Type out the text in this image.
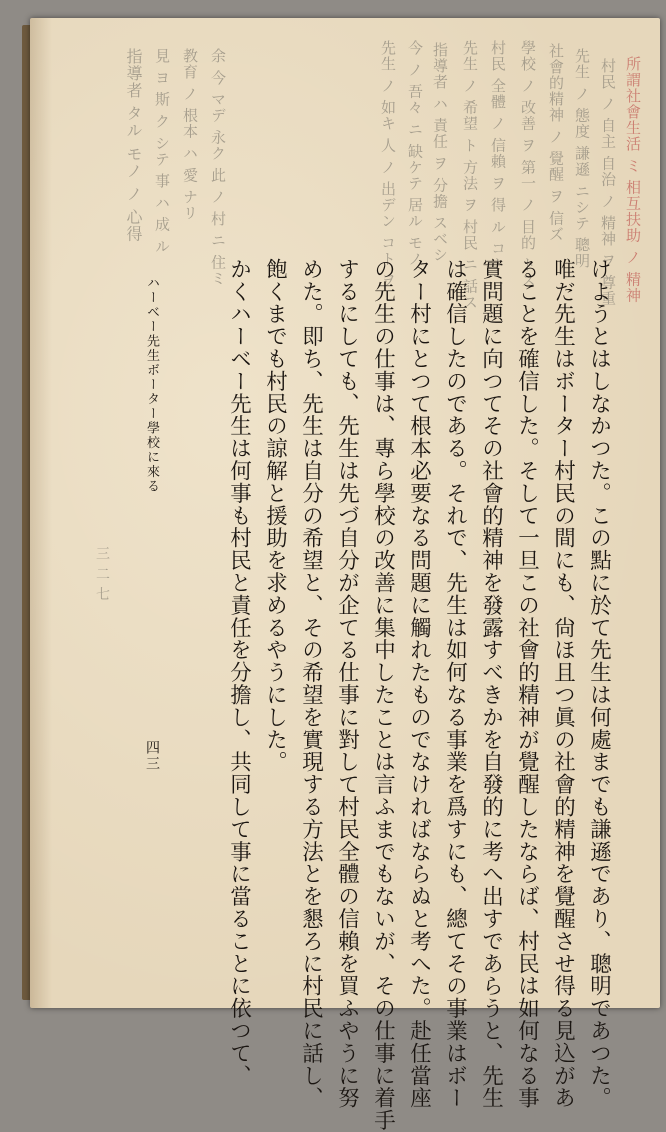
所謂社會生活 ミ 相互扶助 ノ 精神
村民 ノ 自主 自治 ノ 精神 ヲ 尊重
先生 ノ 態度 謙遜 ニシテ 聰明
社會的精神 ノ 覺醒 ヲ 信ズ
學校 ノ 改善 ヲ 第一 ノ 目的 トス
村民 全體 ノ 信賴 ヲ 得 ル コト
先生 ノ 希望 ト 方法 ヲ 村民 ニ 話ス
指導者 ハ 責任 ヲ 分擔 スベシ
今 ノ 吾々 ニ 缺ケテ 居ル モノ
先生 ノ 如キ 人 ノ 出デン コト ヲ
余 今 マデ 永ク 此 ノ 村 ニ 住ミ
教育 ノ 根本 ハ 愛 ナリ
見 ヨ 斯 ク シテ 事 ハ 成 ル
指導者 タル モノ ノ 心得
三 二 七	けようとはしなかつた。この點に於て先生は何處までも謙遜であり、聰明であつた。
唯だ先生はボーター村民の間にも、尙ほ且つ眞の社會的精神を覺醒させ得る見込があ
ることを確信した。そして一旦この社會的精神が覺醒したならば、村民は如何なる事
實問題に向つてその社會的精神を發露すべきかを自發的に考へ出すであらうと、先生
は確信したのである。それで、先生は如何なる事業を爲すにも、總てその事業はボー
ター村にとつて根本必要なる問題に觸れたものでなければならぬと考へた。赴任當座
の先生の仕事は、專ら學校の改善に集中したことは言ふまでもないが、その仕事に着手
するにしても、先生は先づ自分が企てる仕事に對して村民全體の信賴を買ふやうに努
めた。即ち、先生は自分の希望と、その希望を實現する方法とを懇ろに村民に話し、
飽くまでも村民の諒解と援助を求めるやうにした。
かくハーベー先生は何事も村民と責任を分擔し、共同して事に當ることに依つて、
ハーベー先生ボーター學校に來る
四三
